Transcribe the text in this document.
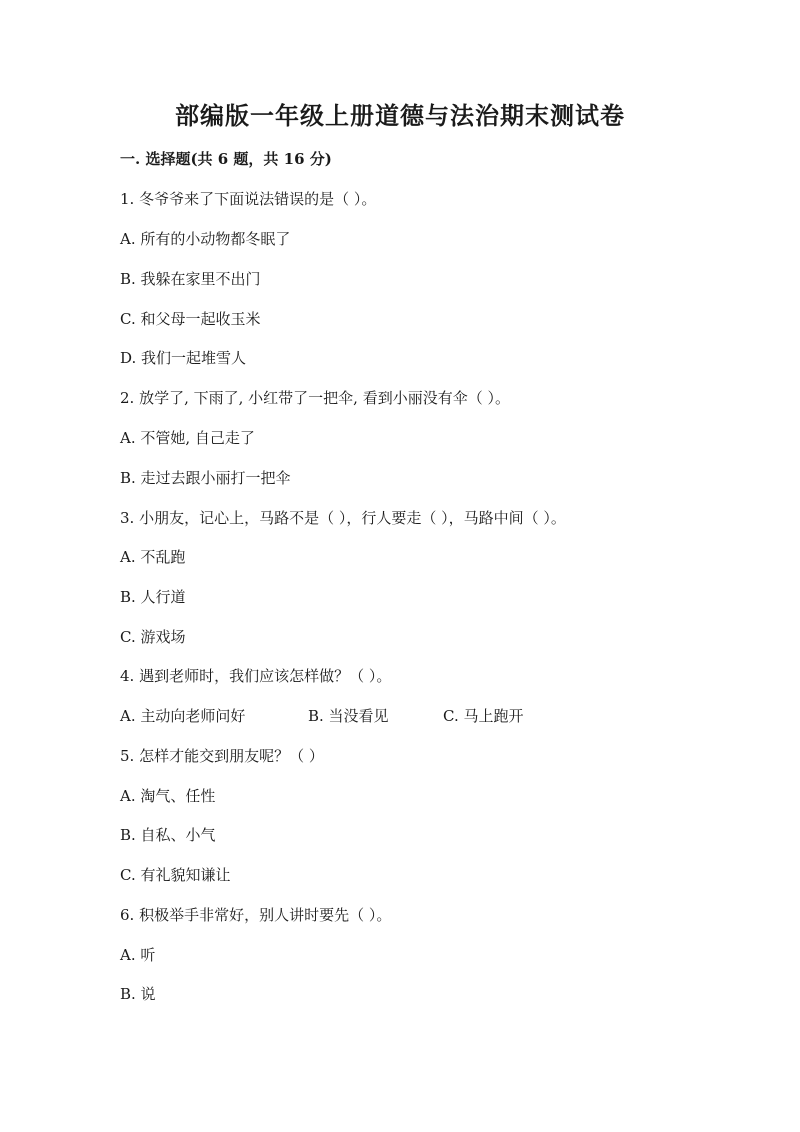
部编版一年级上册道德与法治期末测试卷
一. 选择题(共 6 题，共 16 分)
1. 冬爷爷来了下面说法错误的是（ ）。
A. 所有的小动物都冬眠了
B. 我躲在家里不出门
C. 和父母一起收玉米
D. 我们一起堆雪人
2. 放学了, 下雨了, 小红带了一把伞, 看到小丽没有伞（ ）。
A. 不管她, 自己走了
B. 走过去跟小丽打一把伞
3. 小朋友，记心上，马路不是（ ），行人要走（ ），马路中间（ ）。
A. 不乱跑
B. 人行道
C. 游戏场
4. 遇到老师时，我们应该怎样做？（ ）。
A. 主动向老师问好	B. 当没看见	C. 马上跑开
5. 怎样才能交到朋友呢？（ ）
A. 淘气、任性
B. 自私、小气
C. 有礼貌知谦让
6. 积极举手非常好，别人讲时要先（ ）。
A. 听
B. 说
